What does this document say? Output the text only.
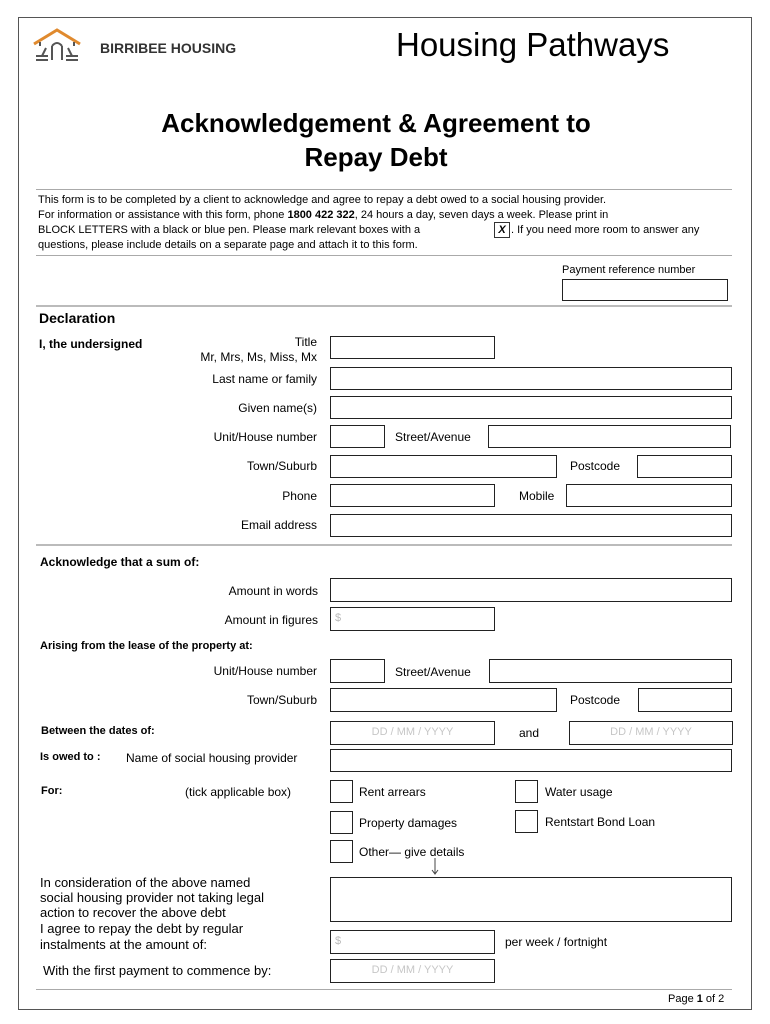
BIRRIBEE HOUSING	Housing Pathways
Acknowledgement & Agreement to
Repay Debt
This form is to be completed by a client to acknowledge and agree to repay a debt owed to a social housing provider.
For information or assistance with this form, phone 1800 422 322, 24 hours a day, seven days a week. Please print in
BLOCK LETTERS with a black or blue pen. Please mark relevant boxes with a	X . If you need more room to answer any
questions, please include details on a separate page and attach it to this form.
Payment reference number
Declaration
I, the undersigned	Title
Mr, Mrs, Ms, Miss, Mx
Last name or family
Given name(s)
Unit/House number	Street/Avenue
Town/Suburb	Postcode
Phone	Mobile
Email address
Acknowledge that a sum of:
Amount in words
Amount in figures	$
Arising from the lease of the property at:
Unit/House number	Street/Avenue
Town/Suburb	Postcode
Between the dates of:	DD / MM / YYYY	and	DD / MM / YYYY
Is owed to : Name of social housing provider
For:	(tick applicable box)	Rent arrears	Water usage
Property damages	Rentstart Bond Loan
Other— give details
In consideration of the above named
social housing provider not taking legal
action to recover the above debt
I agree to repay the debt by regular
instalments at the amount of:	$	per week / fortnight
With the first payment to commence by:	DD / MM / YYYY
Page 1 of 2
